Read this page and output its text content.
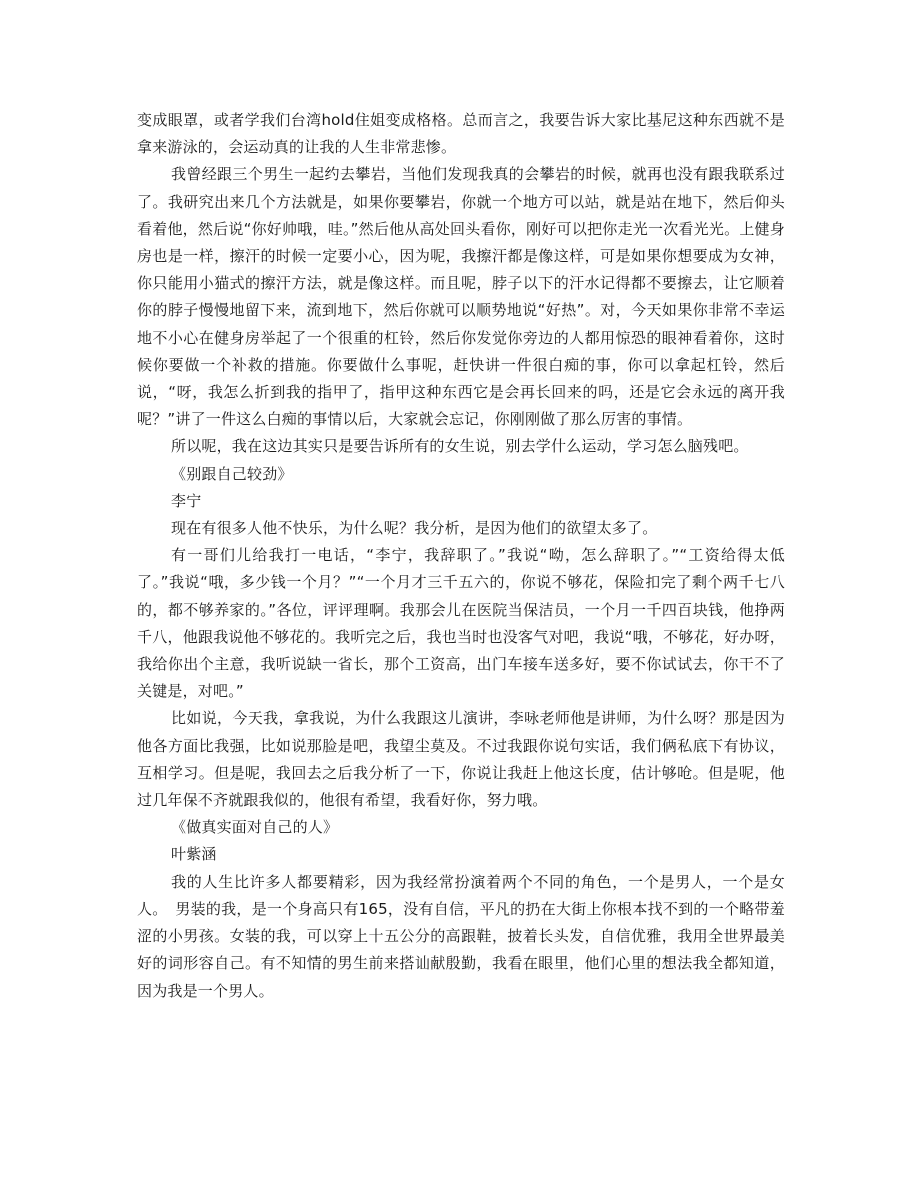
变成眼罩，或者学我们台湾hold住姐变成格格。总而言之，我要告诉大家比基尼这种东西就不是拿来游泳的，会运动真的让我的人生非常悲惨。

我曾经跟三个男生一起约去攀岩，当他们发现我真的会攀岩的时候，就再也没有跟我联系过了。我研究出来几个方法就是，如果你要攀岩，你就一个地方可以站，就是站在地下，然后仰头看着他，然后说“你好帅哦，哇。”然后他从高处回头看你，刚好可以把你走光一次看光光。上健身房也是一样，擦汗的时候一定要小心，因为呢，我擦汗都是像这样，可是如果你想要成为女神，你只能用小猫式的擦汗方法，就是像这样。而且呢，脖子以下的汗水记得都不要擦去，让它顺着你的脖子慢慢地留下来，流到地下，然后你就可以顺势地说“好热”。对，今天如果你非常不幸运地不小心在健身房举起了一个很重的杠铃，然后你发觉你旁边的人都用惊恐的眼神看着你，这时候你要做一个补救的措施。你要做什么事呢，赶快讲一件很白痴的事，你可以拿起杠铃，然后说，“呀，我怎么折到我的指甲了，指甲这种东西它是会再长回来的吗，还是它会永远的离开我呢？”讲了一件这么白痴的事情以后，大家就会忘记，你刚刚做了那么厉害的事情。

所以呢，我在这边其实只是要告诉所有的女生说，别去学什么运动，学习怎么脑残吧。

《别跟自己较劲》

李宁

现在有很多人他不快乐，为什么呢？我分析，是因为他们的欲望太多了。

有一哥们儿给我打一电话，“李宁，我辞职了。”我说“呦，怎么辞职了。”“工资给得太低了。”我说“哦，多少钱一个月？”“一个月才三千五六的，你说不够花，保险扣完了剩个两千七八的，都不够养家的。”各位，评评理啊。我那会儿在医院当保洁员，一个月一千四百块钱，他挣两千八，他跟我说他不够花的。我听完之后，我也当时也没客气对吧，我说“哦，不够花，好办呀，我给你出个主意，我听说缺一省长，那个工资高，出门车接车送多好，要不你试试去，你干不了关键是，对吧。”

比如说，今天我，拿我说，为什么我跟这儿演讲，李咏老师他是讲师，为什么呀？那是因为他各方面比我强，比如说那脸是吧，我望尘莫及。不过我跟你说句实话，我们俩私底下有协议，互相学习。但是呢，我回去之后我分析了一下，你说让我赶上他这长度，估计够呛。但是呢，他过几年保不齐就跟我似的，他很有希望，我看好你，努力哦。

《做真实面对自己的人》

叶紫涵

我的人生比许多人都要精彩，因为我经常扮演着两个不同的角色，一个是男人，一个是女人。　男装的我，是一个身高只有165，没有自信，平凡的扔在大街上你根本找不到的一个略带羞涩的小男孩。女装的我，可以穿上十五公分的高跟鞋，披着长头发，自信优雅，我用全世界最美好的词形容自己。有不知情的男生前来搭讪献殷勤，我看在眼里，他们心里的想法我全都知道，因为我是一个男人。
